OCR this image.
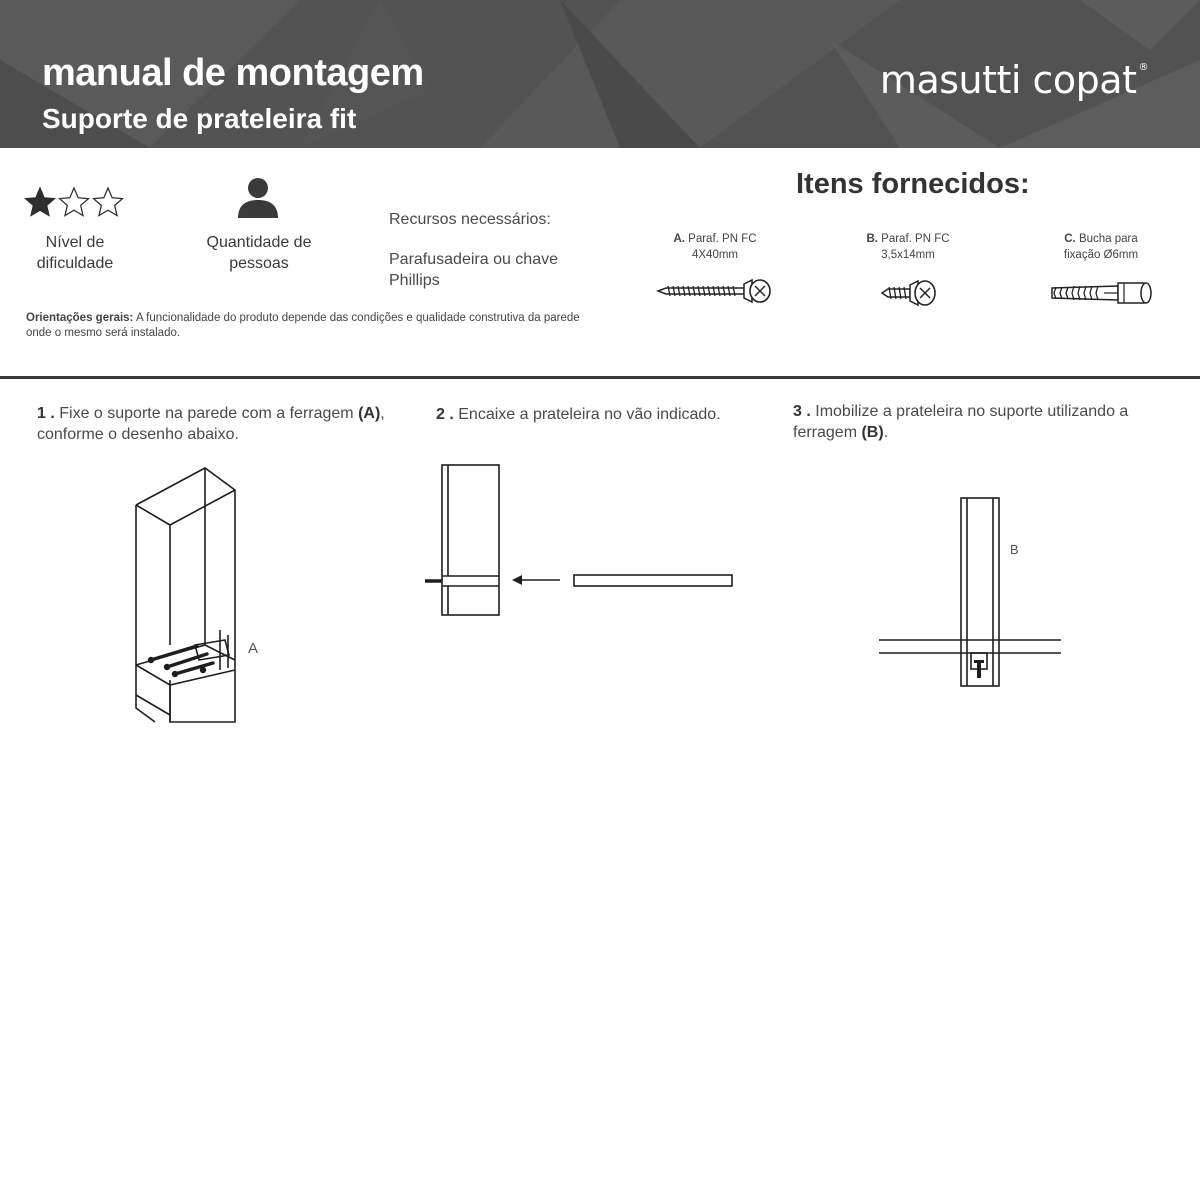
manual de montagem
Suporte de prateleira fit
masutti copat ®
Nível de
dificuldade
Quantidade de
pessoas
Recursos necessários:
Parafusadeira ou chave
Phillips
Orientações gerais: A funcionalidade do produto depende das condições e qualidade construtiva da parede onde o mesmo será instalado.
Itens fornecidos:
A. Paraf. PN FC
4X40mm
B. Paraf. PN FC
3,5x14mm
C. Bucha para
fixação Ø6mm
1 . Fixe o suporte na parede com a ferragem (A),
conforme o desenho abaixo.
2 . Encaixe a prateleira no vão indicado.	3 . Imobilize a prateleira no suporte utilizando a
ferragem (B).
A
B
